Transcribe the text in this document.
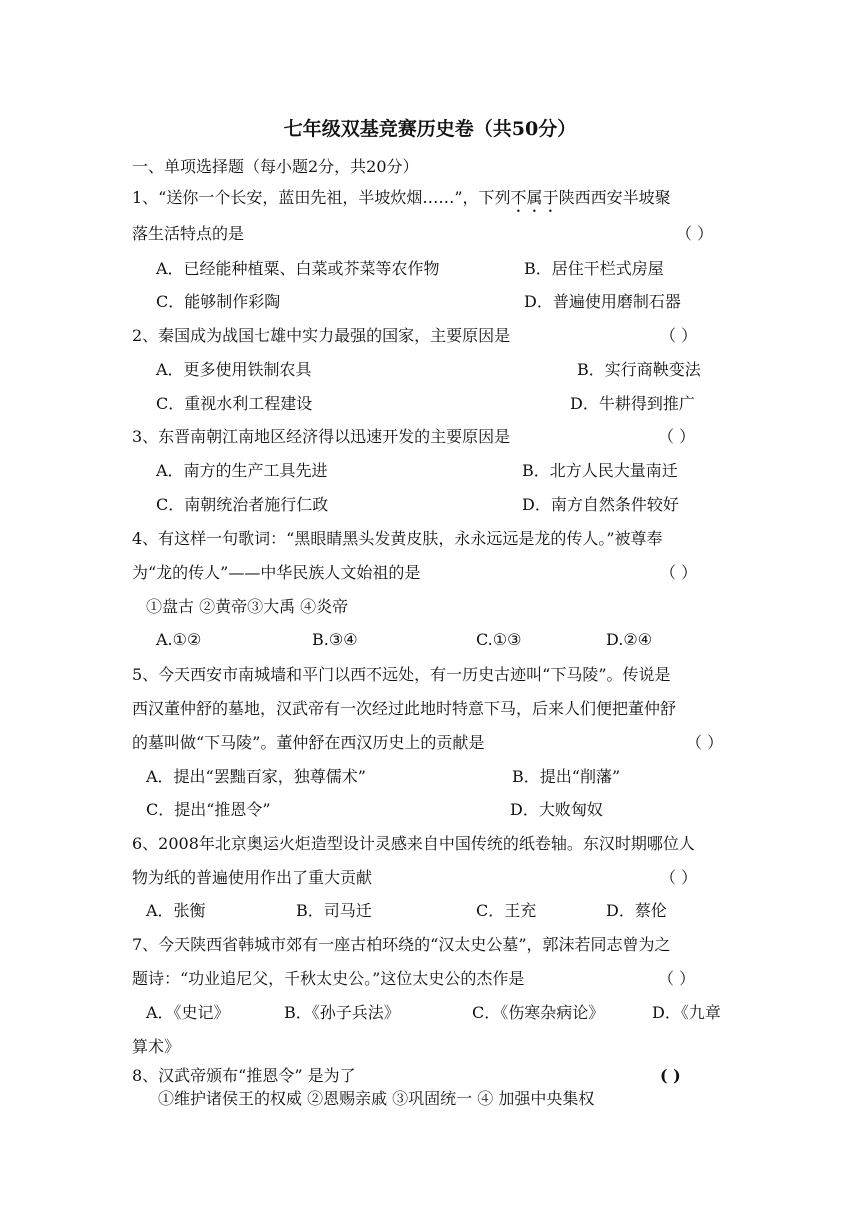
七年级双基竞赛历史卷（共50分）
一、单项选择题（每小题2分，共20分）
1、“送你一个长安，蓝田先祖，半坡炊烟……”，下列不属于陕西西安半坡聚
落生活特点的是	（ ）
A．已经能种植粟、白菜或芥菜等农作物	B．居住干栏式房屋
C．能够制作彩陶	D．普遍使用磨制石器
2、秦国成为战国七雄中实力最强的国家，主要原因是	（ ）
A．更多使用铁制农具	B．实行商鞅变法
C．重视水利工程建设	D．牛耕得到推广
3、东晋南朝江南地区经济得以迅速开发的主要原因是	（ ）
A．南方的生产工具先进	B．北方人民大量南迁
C．南朝统治者施行仁政	D．南方自然条件较好
4、有这样一句歌词：“黑眼睛黑头发黄皮肤，永永远远是龙的传人。”被尊奉
为“龙的传人”——中华民族人文始祖的是	（ ）
①盘古 ②黄帝③大禹 ④炎帝
A.①②	B.③④	C.①③	D.②④
5、今天西安市南城墙和平门以西不远处，有一历史古迹叫“下马陵”。传说是
西汉董仲舒的墓地，汉武帝有一次经过此地时特意下马，后来人们便把董仲舒
的墓叫做“下马陵”。董仲舒在西汉历史上的贡献是	（ ）
A．提出“罢黜百家，独尊儒术”	B．提出“削藩”
C．提出“推恩令”	D．大败匈奴
6、2008年北京奥运火炬造型设计灵感来自中国传统的纸卷轴。东汉时期哪位人
物为纸的普遍使用作出了重大贡献	（ ）
A．张衡	B．司马迁	C．王充	D．蔡伦
7、今天陕西省韩城市郊有一座古柏环绕的“汉太史公墓”，郭沫若同志曾为之
题诗：“功业追尼父，千秋太史公。”这位太史公的杰作是	（ ）
A．《史记》	B．《孙子兵法》	C．《伤寒杂病论》	D．《九章
算术》
8、汉武帝颁布“推恩令” 是为了	( )
①维护诸侯王的权威 ②恩赐亲戚 ③巩固统一 ④ 加强中央集权
